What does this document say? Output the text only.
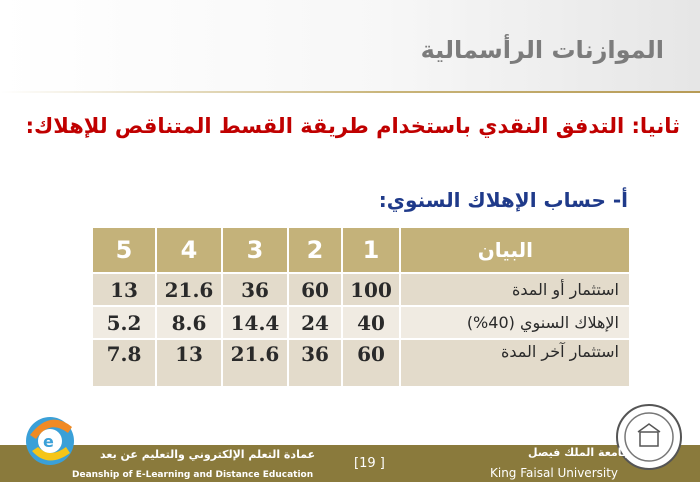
الموازنات الرأسمالية
ثانيا: التدفق النقدي باستخدام طريقة القسط المتناقص للإهلاك:
أ- حساب الإهلاك السنوي:
البيان	1	2	3	4	5
استثمار أو المدة	100	60	36	21.6	13
الإهلاك السنوي (40%)	40	24	14.4	8.6	5.2
استثمار آخر المدة	60	36	21.6	13	7.8
e
عمادة التعلم الإلكتروني والتعليم عن بعد
Deanship of E-Learning and Distance Education
[19 ]
جامعة الملك فيصل
King Faisal University
